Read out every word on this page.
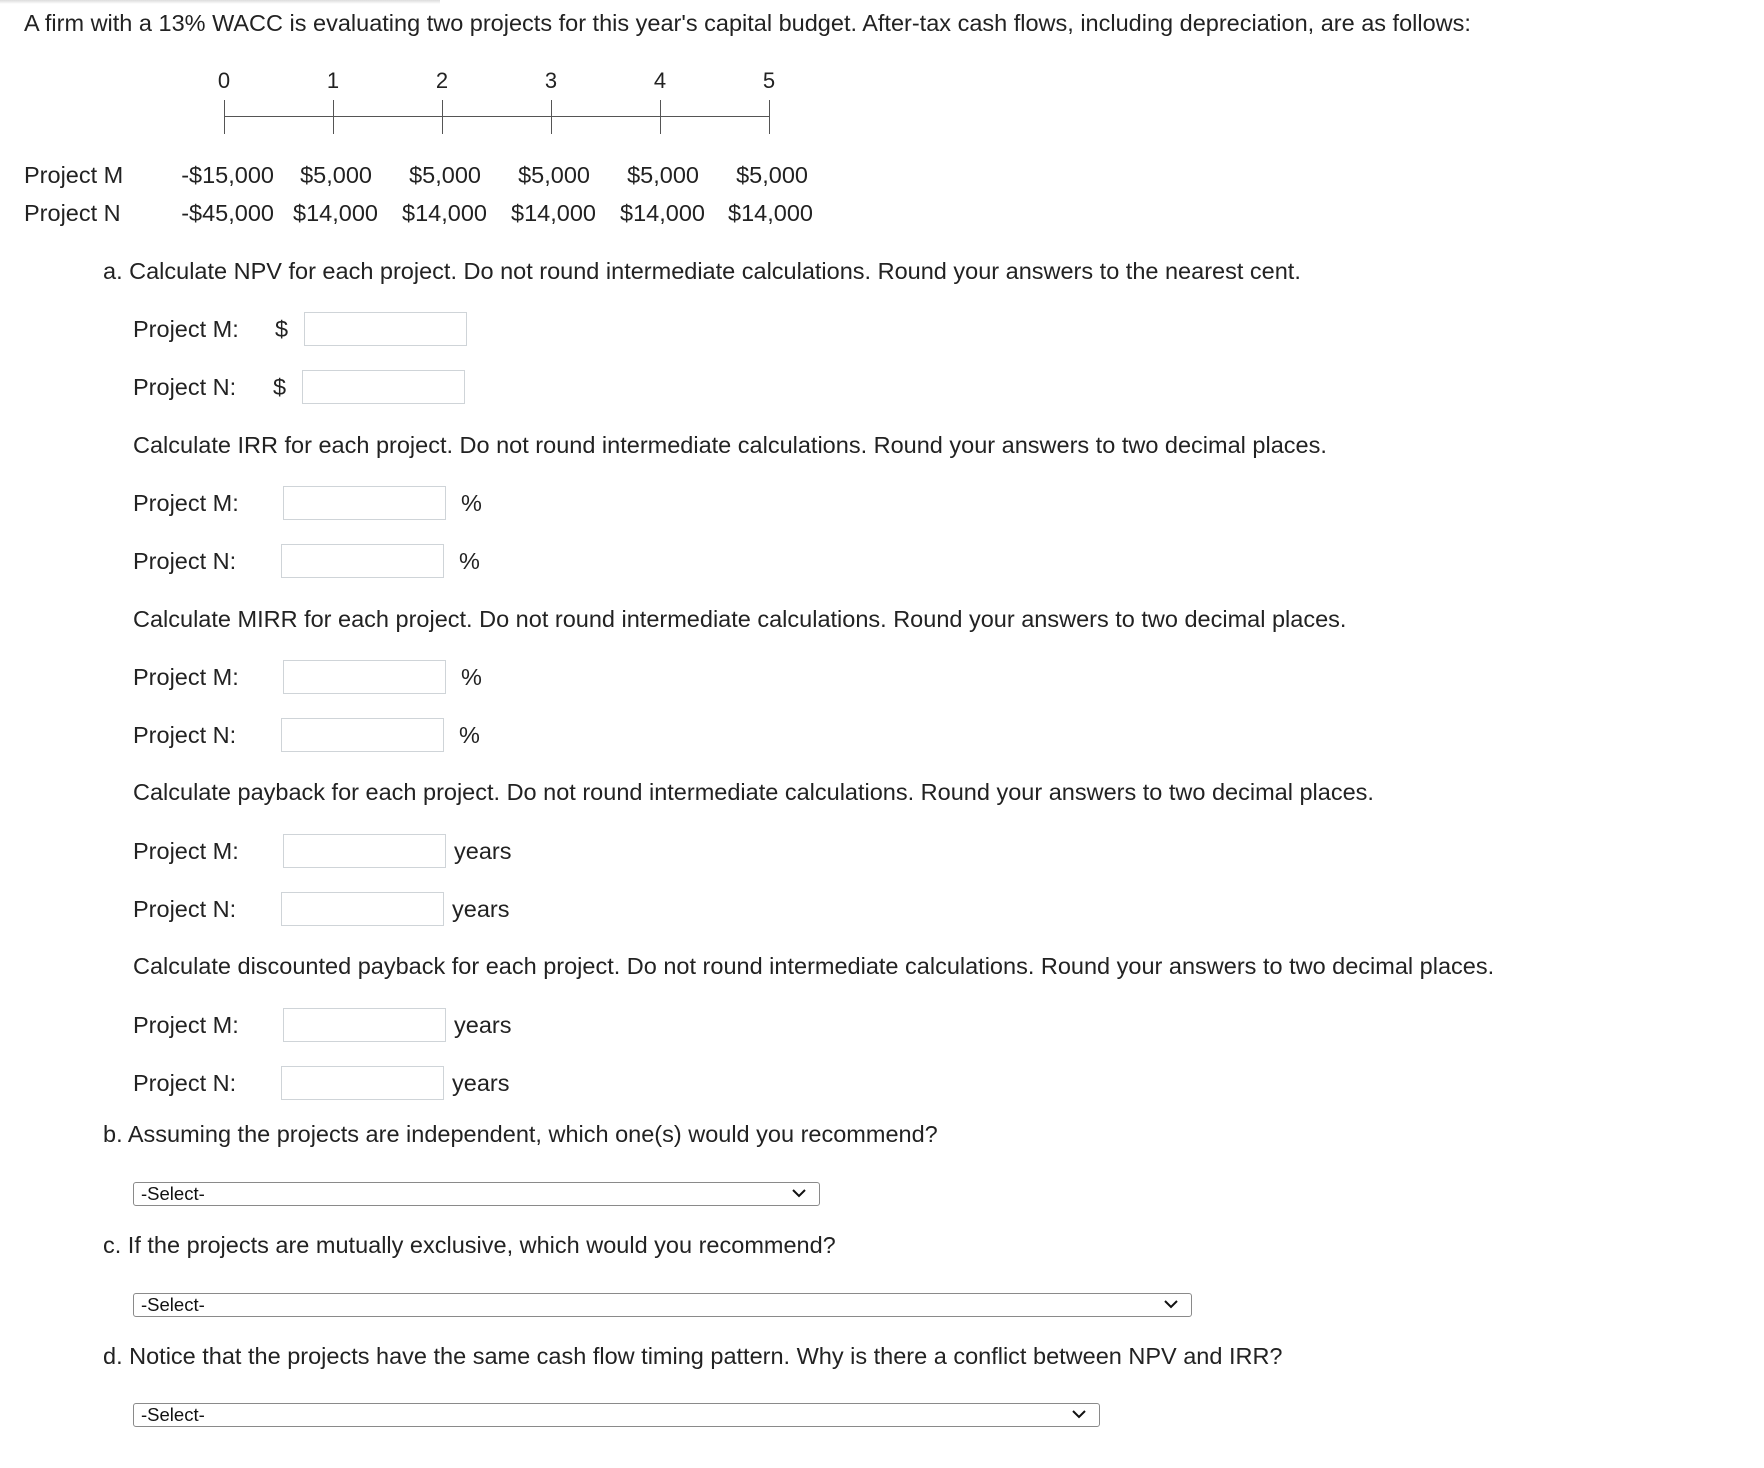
A firm with a 13% WACC is evaluating two projects for this year's capital budget. After-tax cash flows, including depreciation, are as follows:
0	1	2	3	4	5
Project M -$15,000 $5,000 $5,000 $5,000 $5,000 $5,000
Project N	-$45,000 $14,000 $14,000 $14,000 $14,000 $14,000
a. Calculate NPV for each project. Do not round intermediate calculations. Round your answers to the nearest cent.
Project M: $
Project N: $
Calculate IRR for each project. Do not round intermediate calculations. Round your answers to two decimal places.
Project M:	%
Project N:	%
Calculate MIRR for each project. Do not round intermediate calculations. Round your answers to two decimal places.
Project M:	%
Project N:	%
Calculate payback for each project. Do not round intermediate calculations. Round your answers to two decimal places.
Project M:	years
Project N:	years
Calculate discounted payback for each project. Do not round intermediate calculations. Round your answers to two decimal places.
Project M:	years
Project N:	years
b. Assuming the projects are independent, which one(s) would you recommend?
-Select-
c. If the projects are mutually exclusive, which would you recommend?
-Select-
d. Notice that the projects have the same cash flow timing pattern. Why is there a conflict between NPV and IRR?
-Select-
